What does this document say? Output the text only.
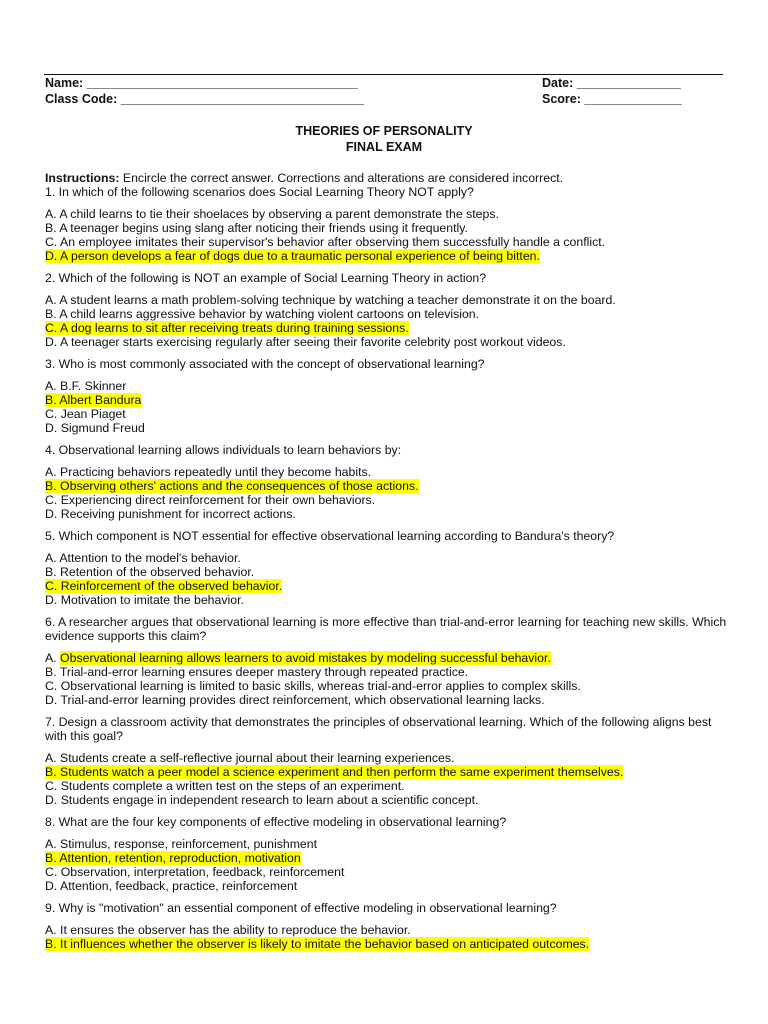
Name: _______________________________________
Class Code: ___________________________________
Date: _______________
Score: ______________
THEORIES OF PERSONALITY
FINAL EXAM

Instructions: Encircle the correct answer. Corrections and alterations are considered incorrect.

1. In which of the following scenarios does Social Learning Theory NOT apply?

A. A child learns to tie their shoelaces by observing a parent demonstrate the steps.
B. A teenager begins using slang after noticing their friends using it frequently.
C. An employee imitates their supervisor's behavior after observing them successfully handle a conflict.
D. A person develops a fear of dogs due to a traumatic personal experience of being bitten.

2. Which of the following is NOT an example of Social Learning Theory in action?

A. A student learns a math problem-solving technique by watching a teacher demonstrate it on the board.
B. A child learns aggressive behavior by watching violent cartoons on television.
C. A dog learns to sit after receiving treats during training sessions.
D. A teenager starts exercising regularly after seeing their favorite celebrity post workout videos.

3. Who is most commonly associated with the concept of observational learning?

A. B.F. Skinner
B. Albert Bandura
C. Jean Piaget
D. Sigmund Freud

4. Observational learning allows individuals to learn behaviors by:

A. Practicing behaviors repeatedly until they become habits.
B. Observing others' actions and the consequences of those actions.
C. Experiencing direct reinforcement for their own behaviors.
D. Receiving punishment for incorrect actions.

5. Which component is NOT essential for effective observational learning according to Bandura's theory?

A. Attention to the model's behavior.
B. Retention of the observed behavior.
C. Reinforcement of the observed behavior.
D. Motivation to imitate the behavior.

6. A researcher argues that observational learning is more effective than trial-and-error learning for teaching new skills. Which evidence supports this claim?

A. Observational learning allows learners to avoid mistakes by modeling successful behavior.
B. Trial-and-error learning ensures deeper mastery through repeated practice.
C. Observational learning is limited to basic skills, whereas trial-and-error applies to complex skills.
D. Trial-and-error learning provides direct reinforcement, which observational learning lacks.

7. Design a classroom activity that demonstrates the principles of observational learning. Which of the following aligns best with this goal?

A. Students create a self-reflective journal about their learning experiences.
B. Students watch a peer model a science experiment and then perform the same experiment themselves.
C. Students complete a written test on the steps of an experiment.
D. Students engage in independent research to learn about a scientific concept.

8. What are the four key components of effective modeling in observational learning?

A. Stimulus, response, reinforcement, punishment
B. Attention, retention, reproduction, motivation
C. Observation, interpretation, feedback, reinforcement
D. Attention, feedback, practice, reinforcement

9. Why is "motivation" an essential component of effective modeling in observational learning?

A. It ensures the observer has the ability to reproduce the behavior.
B. It influences whether the observer is likely to imitate the behavior based on anticipated outcomes.
